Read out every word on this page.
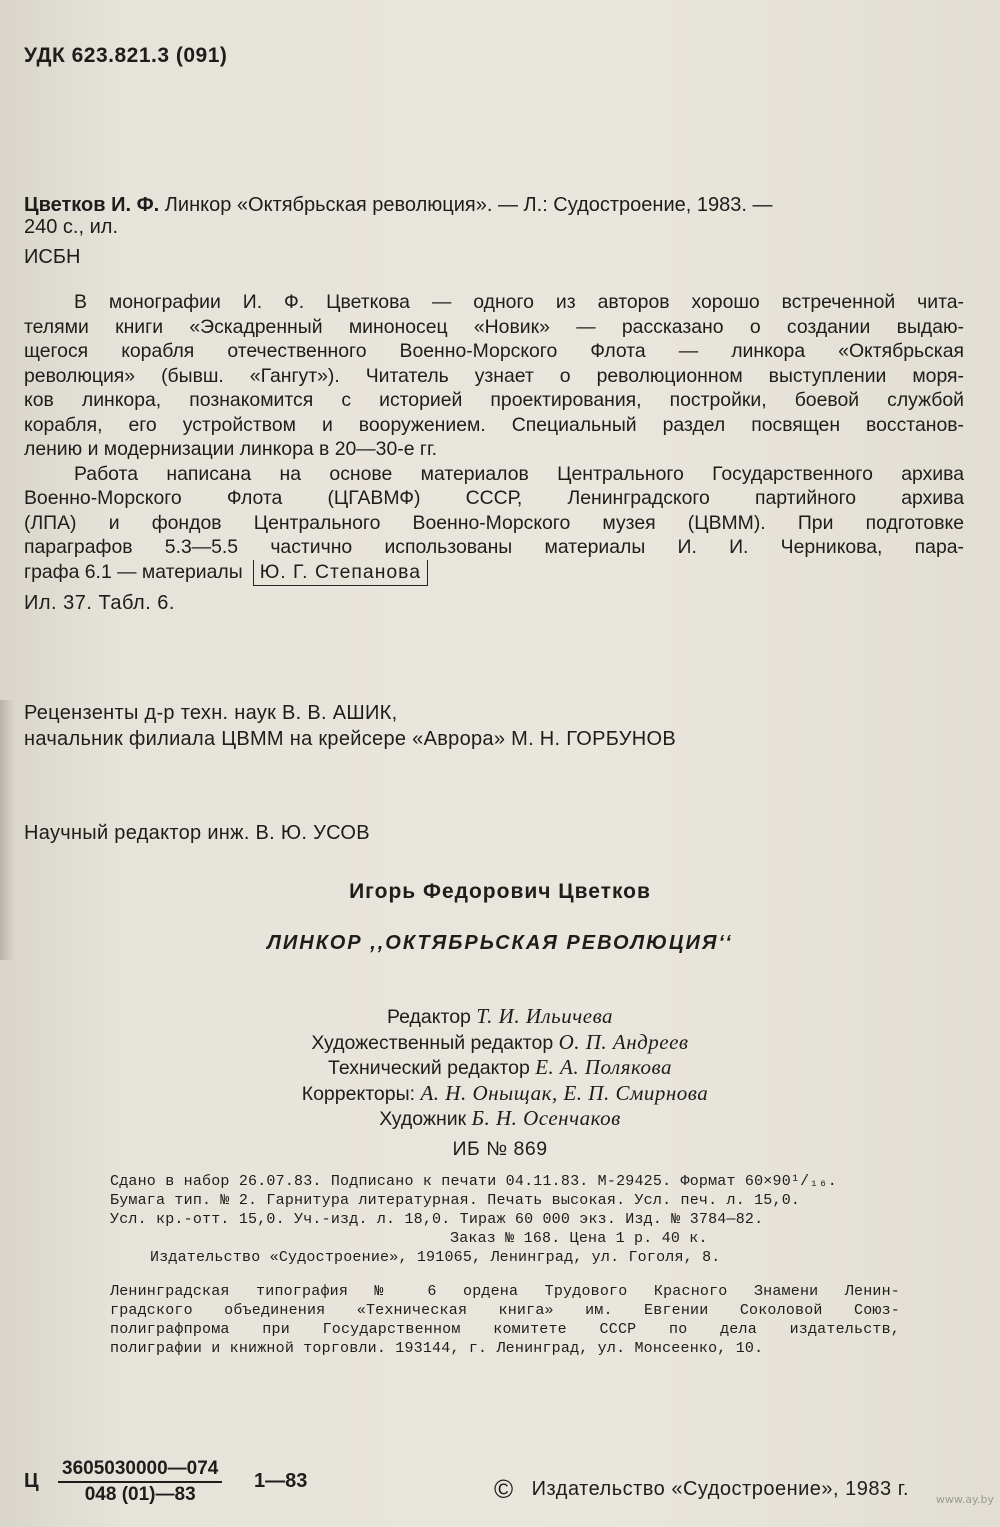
УДК 623.821.3 (091)
Цветков И. Ф. Линкор «Октябрьская революция». — Л.: Судостроение, 1983. —
240 с., ил.
ИСБН
В монографии И. Ф. Цветкова — одного из авторов хорошо встреченной чита-
телями книги «Эскадренный миноносец «Новик» — рассказано о создании выдаю-
щегося корабля отечественного Военно-Морского Флота — линкора «Октябрьская
революция» (бывш. «Гангут»). Читатель узнает о революционном выступлении моря-
ков линкора, познакомится с историей проектирования, постройки, боевой службой
корабля, его устройством и вооружением. Специальный раздел посвящен восстанов-
лению и модернизации линкора в 20—30-е гг.
Работа написана на основе материалов Центрального Государственного архива
Военно-Морского Флота (ЦГАВМФ) СССР, Ленинградского партийного архива
(ЛПА) и фондов Центрального Военно-Морского музея (ЦВММ). При подготовке
параграфов 5.3—5.5 частично использованы материалы И. И. Черникова, пара-
графа 6.1 — материалы Ю. Г. Степанова
Ил. 37. Табл. 6.
Рецензенты д-р техн. наук В. В. АШИК,
начальник филиала ЦВММ на крейсере «Аврора» М. Н. ГОРБУНОВ
Научный редактор инж. В. Ю. УСОВ
Игорь Федорович Цветков
ЛИНКОР ,,ОКТЯБРЬСКАЯ РЕВОЛЮЦИЯ‘‘
Редактор Т. И. Ильичева
Художественный редактор О. П. Андреев
Технический редактор Е. А. Полякова
Корректоры: А. Н. Оныщак, Е. П. Смирнова
Художник Б. Н. Осенчаков
ИБ № 869
Сдано в набор 26.07.83. Подписано к печати 04.11.83. М-29425. Формат 60×90¹/₁₆.
Бумага тип. № 2. Гарнитура литературная. Печать высокая. Усл. печ. л. 15,0.
Усл. кр.-отт. 15,0. Уч.-изд. л. 18,0. Тираж 60 000 экз. Изд. № 3784—82.
Заказ № 168. Цена 1 р. 40 к.
Издательство «Судостроение», 191065, Ленинград, ул. Гоголя, 8.
Ленинградская типография № 6 ордена Трудового Красного Знамени Ленин-
градского объединения «Техническая книга» им. Евгении Соколовой Союз-
полиграфпрома при Государственном комитете СССР по дела издательств,
полиграфии и книжной торговли. 193144, г. Ленинград, ул. Монсеенко, 10.
Ц $\frac{3605030000—074}{048 (01)—83}$ 1—83	© Издательство «Судостроение», 1983 г. www.ay.by
